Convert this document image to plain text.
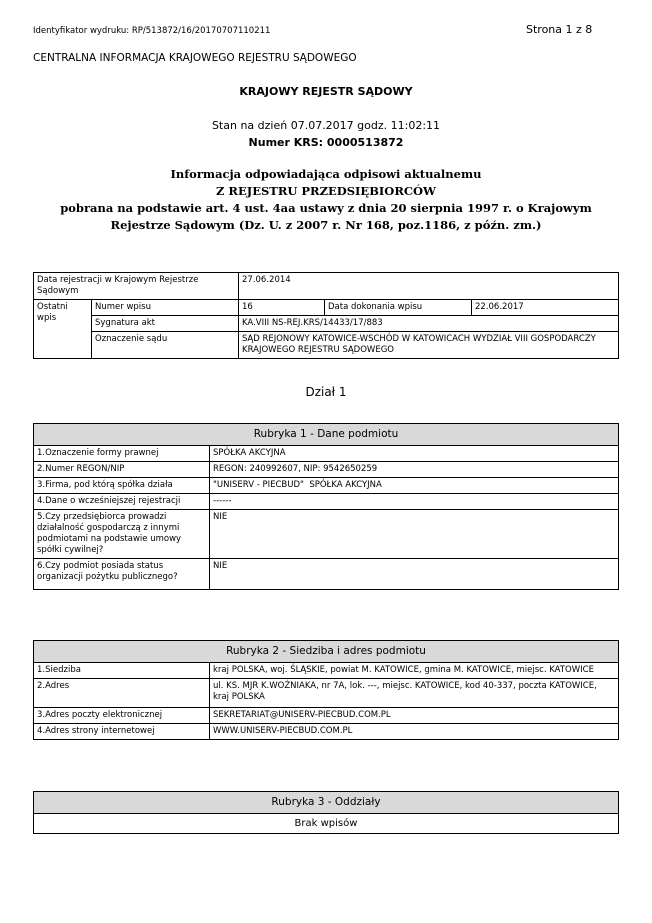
Identyfikator wydruku: RP/513872/16/20170707110211	Strona 1 z 8
CENTRALNA INFORMACJA KRAJOWEGO REJESTRU SĄDOWEGO
KRAJOWY REJESTR SĄDOWY
Stan na dzień 07.07.2017 godz. 11:02:11
Numer KRS: 0000513872
Informacja odpowiadająca odpisowi aktualnemu
Z REJESTRU PRZEDSIĘBIORCÓW
pobrana na podstawie art. 4 ust. 4aa ustawy z dnia 20 sierpnia 1997 r. o Krajowym Rejestrze Sądowym (Dz. U. z 2007 r. Nr 168, poz.1186, z późn. zm.)
Data rejestracji w Krajowym Rejestrze Sądowym		27.06.2014		
Ostatni wpis	Numer wpisu	16	Data dokonania wpisu	22.06.2017
	Sygnatura akt	KA.VIII NS-REJ.KRS/14433/17/883		
	Oznaczenie sądu	SĄD REJONOWY KATOWICE-WSCHÓD W KATOWICACH WYDZIAŁ VIII GOSPODARCZY KRAJOWEGO REJESTRU SĄDOWEGO		
Dział 1
Rubryka 1 - Dane podmiotu	
1.Oznaczenie formy prawnej	SPÓŁKA AKCYJNA
2.Numer REGON/NIP	REGON: 240992607, NIP: 9542650259
3.Firma, pod którą spółka działa	"UNISERV - PIECBUD"  SPÓŁKA AKCYJNA
4.Dane o wcześniejszej rejestracji	------
5.Czy przedsiębiorca prowadzi działalność gospodarczą z innymi podmiotami na podstawie umowy spółki cywilnej?	NIE
6.Czy podmiot posiada status organizacji pożytku publicznego?	NIE
Rubryka 2 - Siedziba i adres podmiotu	
1.Siedziba	kraj POLSKA, woj. ŚLĄSKIE, powiat M. KATOWICE, gmina M. KATOWICE, miejsc. KATOWICE
2.Adres	ul. KS. MJR K.WOŹNIAKA, nr 7A, lok. ---, miejsc. KATOWICE, kod 40-337, poczta KATOWICE, kraj POLSKA
3.Adres poczty elektronicznej	SEKRETARIAT@UNISERV-PIECBUD.COM.PL
4.Adres strony internetowej	WWW.UNISERV-PIECBUD.COM.PL
Rubryka 3 - Oddziały
Brak wpisów
